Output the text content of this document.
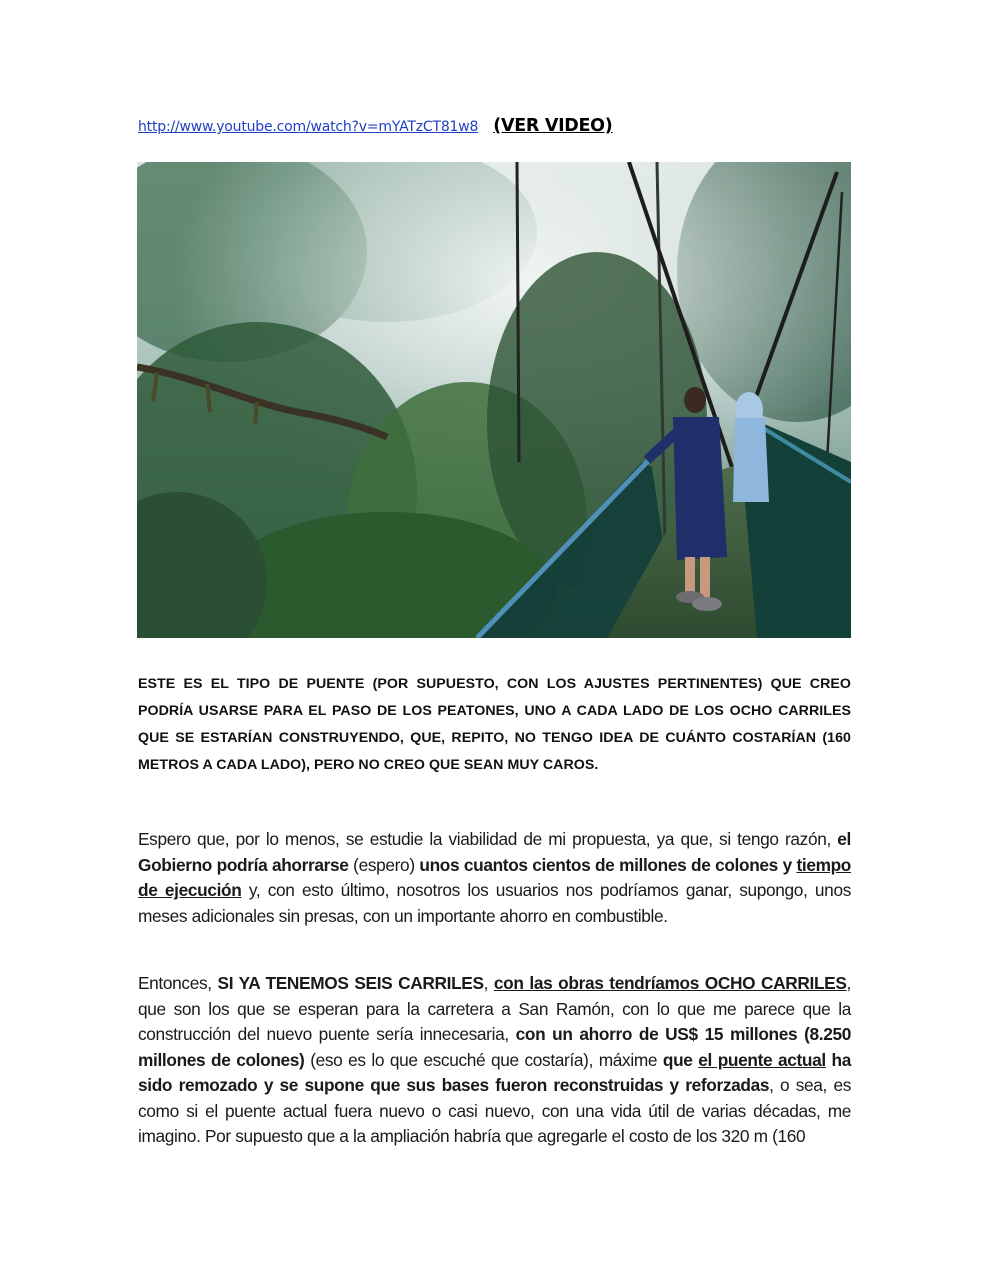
http://www.youtube.com/watch?v=mYATzCT81w8 (VER VIDEO)

ESTE ES EL TIPO DE PUENTE (POR SUPUESTO, CON LOS AJUSTES PERTINENTES) QUE CREO PODRÍA USARSE PARA EL PASO DE LOS PEATONES, UNO A CADA LADO DE LOS OCHO CARRILES QUE SE ESTARÍAN CONSTRUYENDO, QUE, REPITO, NO TENGO IDEA DE CUÁNTO COSTARÍAN (160 METROS A CADA LADO), PERO NO CREO QUE SEAN MUY CAROS.

Espero que, por lo menos, se estudie la viabilidad de mi propuesta, ya que, si tengo razón, el Gobierno podría ahorrarse (espero) unos cuantos cientos de millones de colones y tiempo de ejecución y, con esto último, nosotros los usuarios nos podríamos ganar, supongo, unos meses adicionales sin presas, con un importante ahorro en combustible.

Entonces, SI YA TENEMOS SEIS CARRILES, con las obras tendríamos OCHO CARRILES, que son los que se esperan para la carretera a San Ramón, con lo que me parece que la construcción del nuevo puente sería innecesaria, con un ahorro de US$ 15 millones (8.250 millones de colones) (eso es lo que escuché que costaría), máxime que el puente actual ha sido remozado y se supone que sus bases fueron reconstruidas y reforzadas, o sea, es como si el puente actual fuera nuevo o casi nuevo, con una vida útil de varias décadas, me imagino. Por supuesto que a la ampliación habría que agregarle el costo de los 320 m (160
